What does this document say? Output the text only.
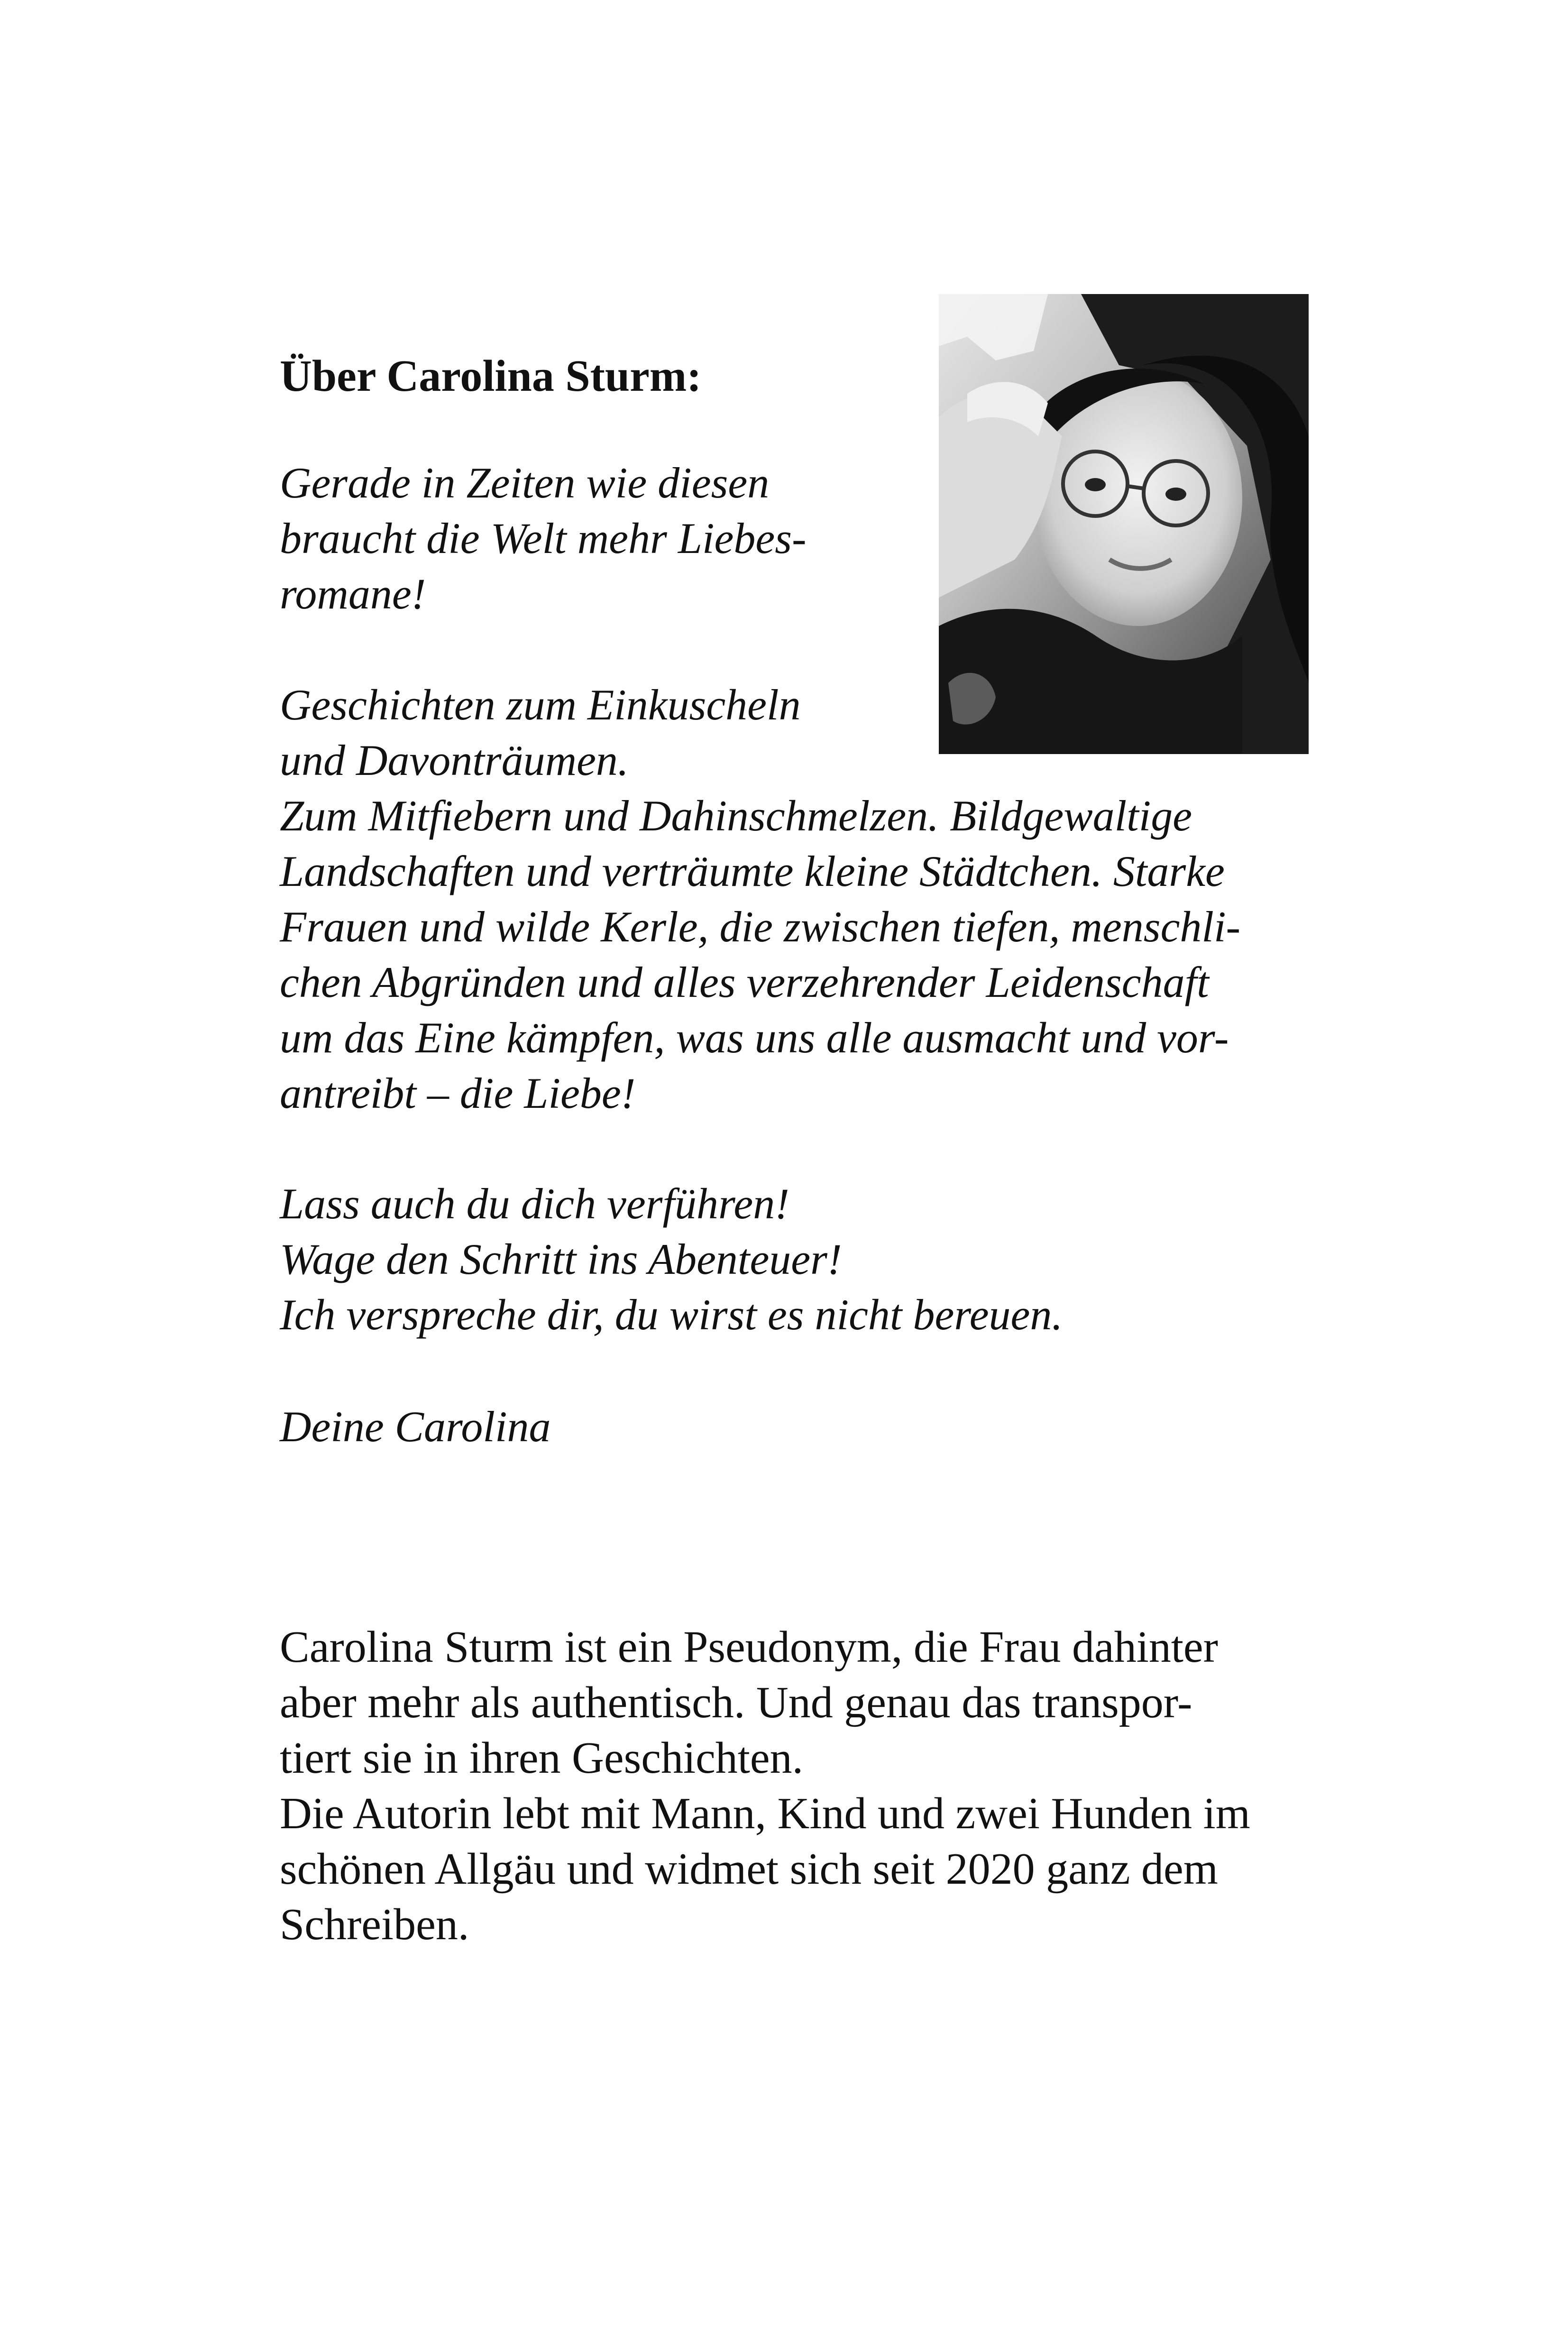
Über Carolina Sturm:
Gerade in Zeiten wie diesen
braucht die Welt mehr Liebes-
romane!
Geschichten zum Einkuscheln
und Davonträumen.
Zum Mitfiebern und Dahinschmelzen. Bildgewaltige
Landschaften und verträumte kleine Städtchen. Starke
Frauen und wilde Kerle, die zwischen tiefen, menschli-
chen Abgründen und alles verzehrender Leidenschaft
um das Eine kämpfen, was uns alle ausmacht und vor-
antreibt – die Liebe!
Lass auch du dich verführen!
Wage den Schritt ins Abenteuer!
Ich verspreche dir, du wirst es nicht bereuen.
Deine Carolina
Carolina Sturm ist ein Pseudonym, die Frau dahinter
aber mehr als authentisch. Und genau das transpor-
tiert sie in ihren Geschichten.
Die Autorin lebt mit Mann, Kind und zwei Hunden im
schönen Allgäu und widmet sich seit 2020 ganz dem
Schreiben.
